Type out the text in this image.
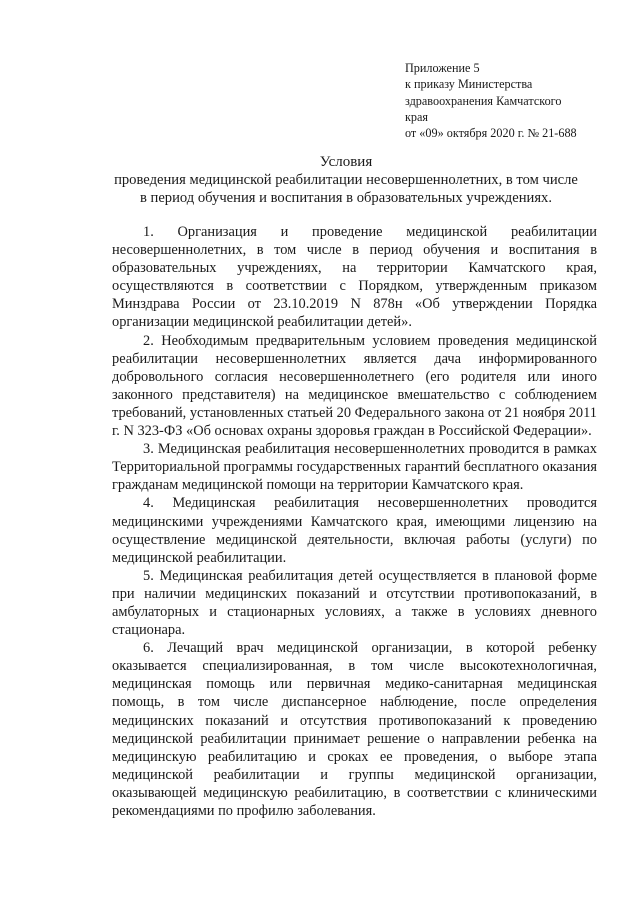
Приложение 5
к приказу Министерства
здравоохранения Камчатского
края
от «09» октября 2020 г. № 21-688
Условия
проведения медицинской реабилитации несовершеннолетних, в том числе в период обучения и воспитания в образовательных учреждениях.

1. Организация и проведение медицинской реабилитации несовершеннолетних, в том числе в период обучения и воспитания в образовательных учреждениях, на территории Камчатского края, осуществляются в соответствии с Порядком, утвержденным приказом Минздрава России от 23.10.2019 N 878н «Об утверждении Порядка организации медицинской реабилитации детей».

2. Необходимым предварительным условием проведения медицинской реабилитации несовершеннолетних является дача информированного добровольного согласия несовершеннолетнего (его родителя или иного законного представителя) на медицинское вмешательство с соблюдением требований, установленных статьей 20 Федерального закона от 21 ноября 2011 г. N 323-ФЗ «Об основах охраны здоровья граждан в Российской Федерации».

3. Медицинская реабилитация несовершеннолетних проводится в рамках Территориальной программы государственных гарантий бесплатного оказания гражданам медицинской помощи на территории Камчатского края.

4. Медицинская реабилитация несовершеннолетних проводится медицинскими учреждениями Камчатского края, имеющими лицензию на осуществление медицинской деятельности, включая работы (услуги) по медицинской реабилитации.

5. Медицинская реабилитация детей осуществляется в плановой форме при наличии медицинских показаний и отсутствии противопоказаний, в амбулаторных и стационарных условиях, а также в условиях дневного стационара.

6. Лечащий врач медицинской организации, в которой ребенку оказывается специализированная, в том числе высокотехнологичная, медицинская помощь или первичная медико-санитарная медицинская помощь, в том числе диспансерное наблюдение, после определения медицинских показаний и отсутствия противопоказаний к проведению медицинской реабилитации принимает решение о направлении ребенка на медицинскую реабилитацию и сроках ее проведения, о выборе этапа медицинской реабилитации и группы медицинской организации, оказывающей медицинскую реабилитацию, в соответствии с клиническими рекомендациями по профилю заболевания.
